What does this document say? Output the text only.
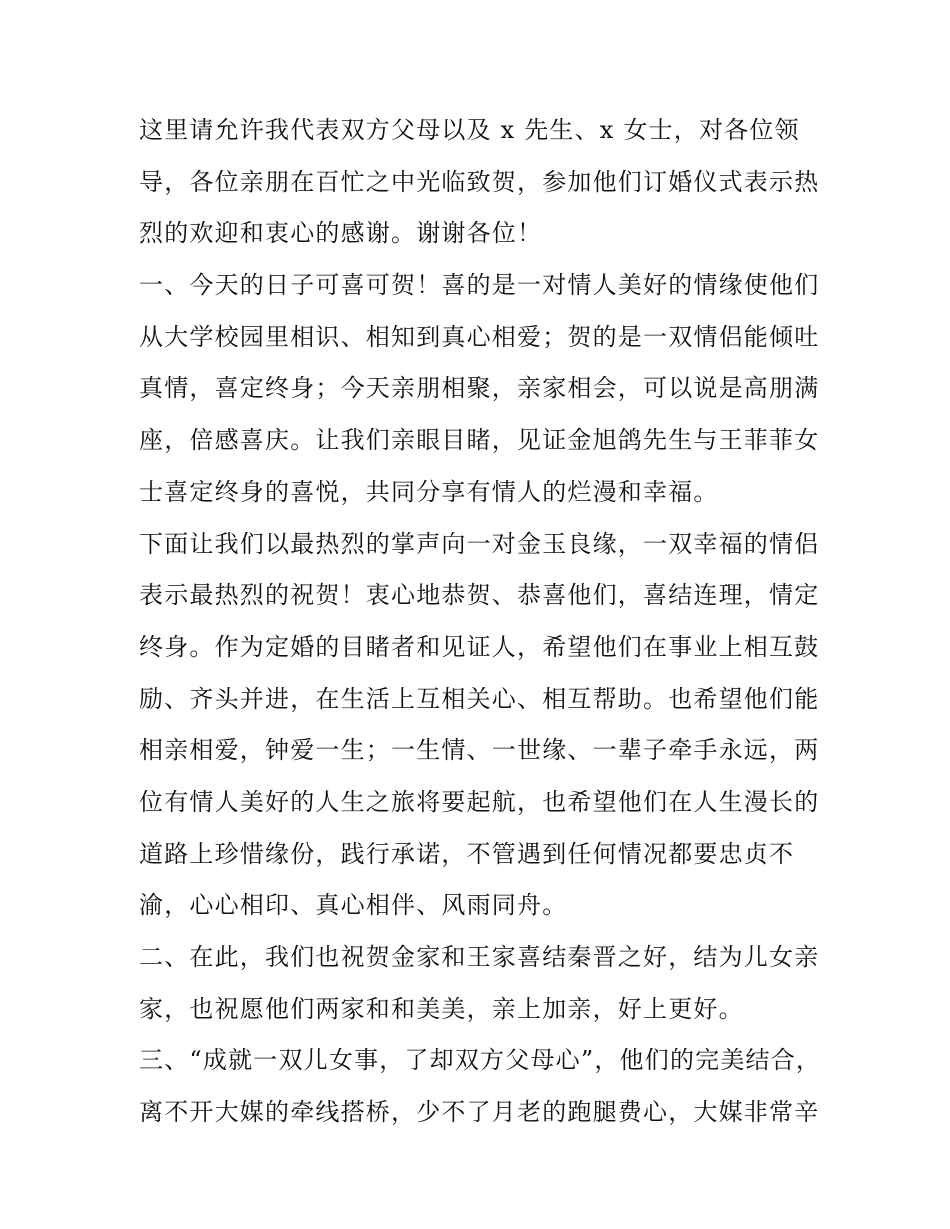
这里请允许我代表双方父母以及 x 先生、x 女士，对各位领
导，各位亲朋在百忙之中光临致贺，参加他们订婚仪式表示热
烈的欢迎和衷心的感谢。谢谢各位！
一、今天的日子可喜可贺！喜的是一对情人美好的情缘使他们
从大学校园里相识、相知到真心相爱；贺的是一双情侣能倾吐
真情，喜定终身；今天亲朋相聚，亲家相会，可以说是高朋满
座，倍感喜庆。让我们亲眼目睹，见证金旭鸽先生与王菲菲女
士喜定终身的喜悦，共同分享有情人的烂漫和幸福。
下面让我们以最热烈的掌声向一对金玉良缘，一双幸福的情侣
表示最热烈的祝贺！衷心地恭贺、恭喜他们，喜结连理，情定
终身。作为定婚的目睹者和见证人，希望他们在事业上相互鼓
励、齐头并进，在生活上互相关心、相互帮助。也希望他们能
相亲相爱，钟爱一生；一生情、一世缘、一辈子牵手永远，两
位有情人美好的人生之旅将要起航，也希望他们在人生漫长的
道路上珍惜缘份，践行承诺，不管遇到任何情况都要忠贞不
渝，心心相印、真心相伴、风雨同舟。
二、在此，我们也祝贺金家和王家喜结秦晋之好，结为儿女亲
家，也祝愿他们两家和和美美，亲上加亲，好上更好。
三、“成就一双儿女事，了却双方父母心”，他们的完美结合，
离不开大媒的牵线搭桥，少不了月老的跑腿费心，大媒非常辛
